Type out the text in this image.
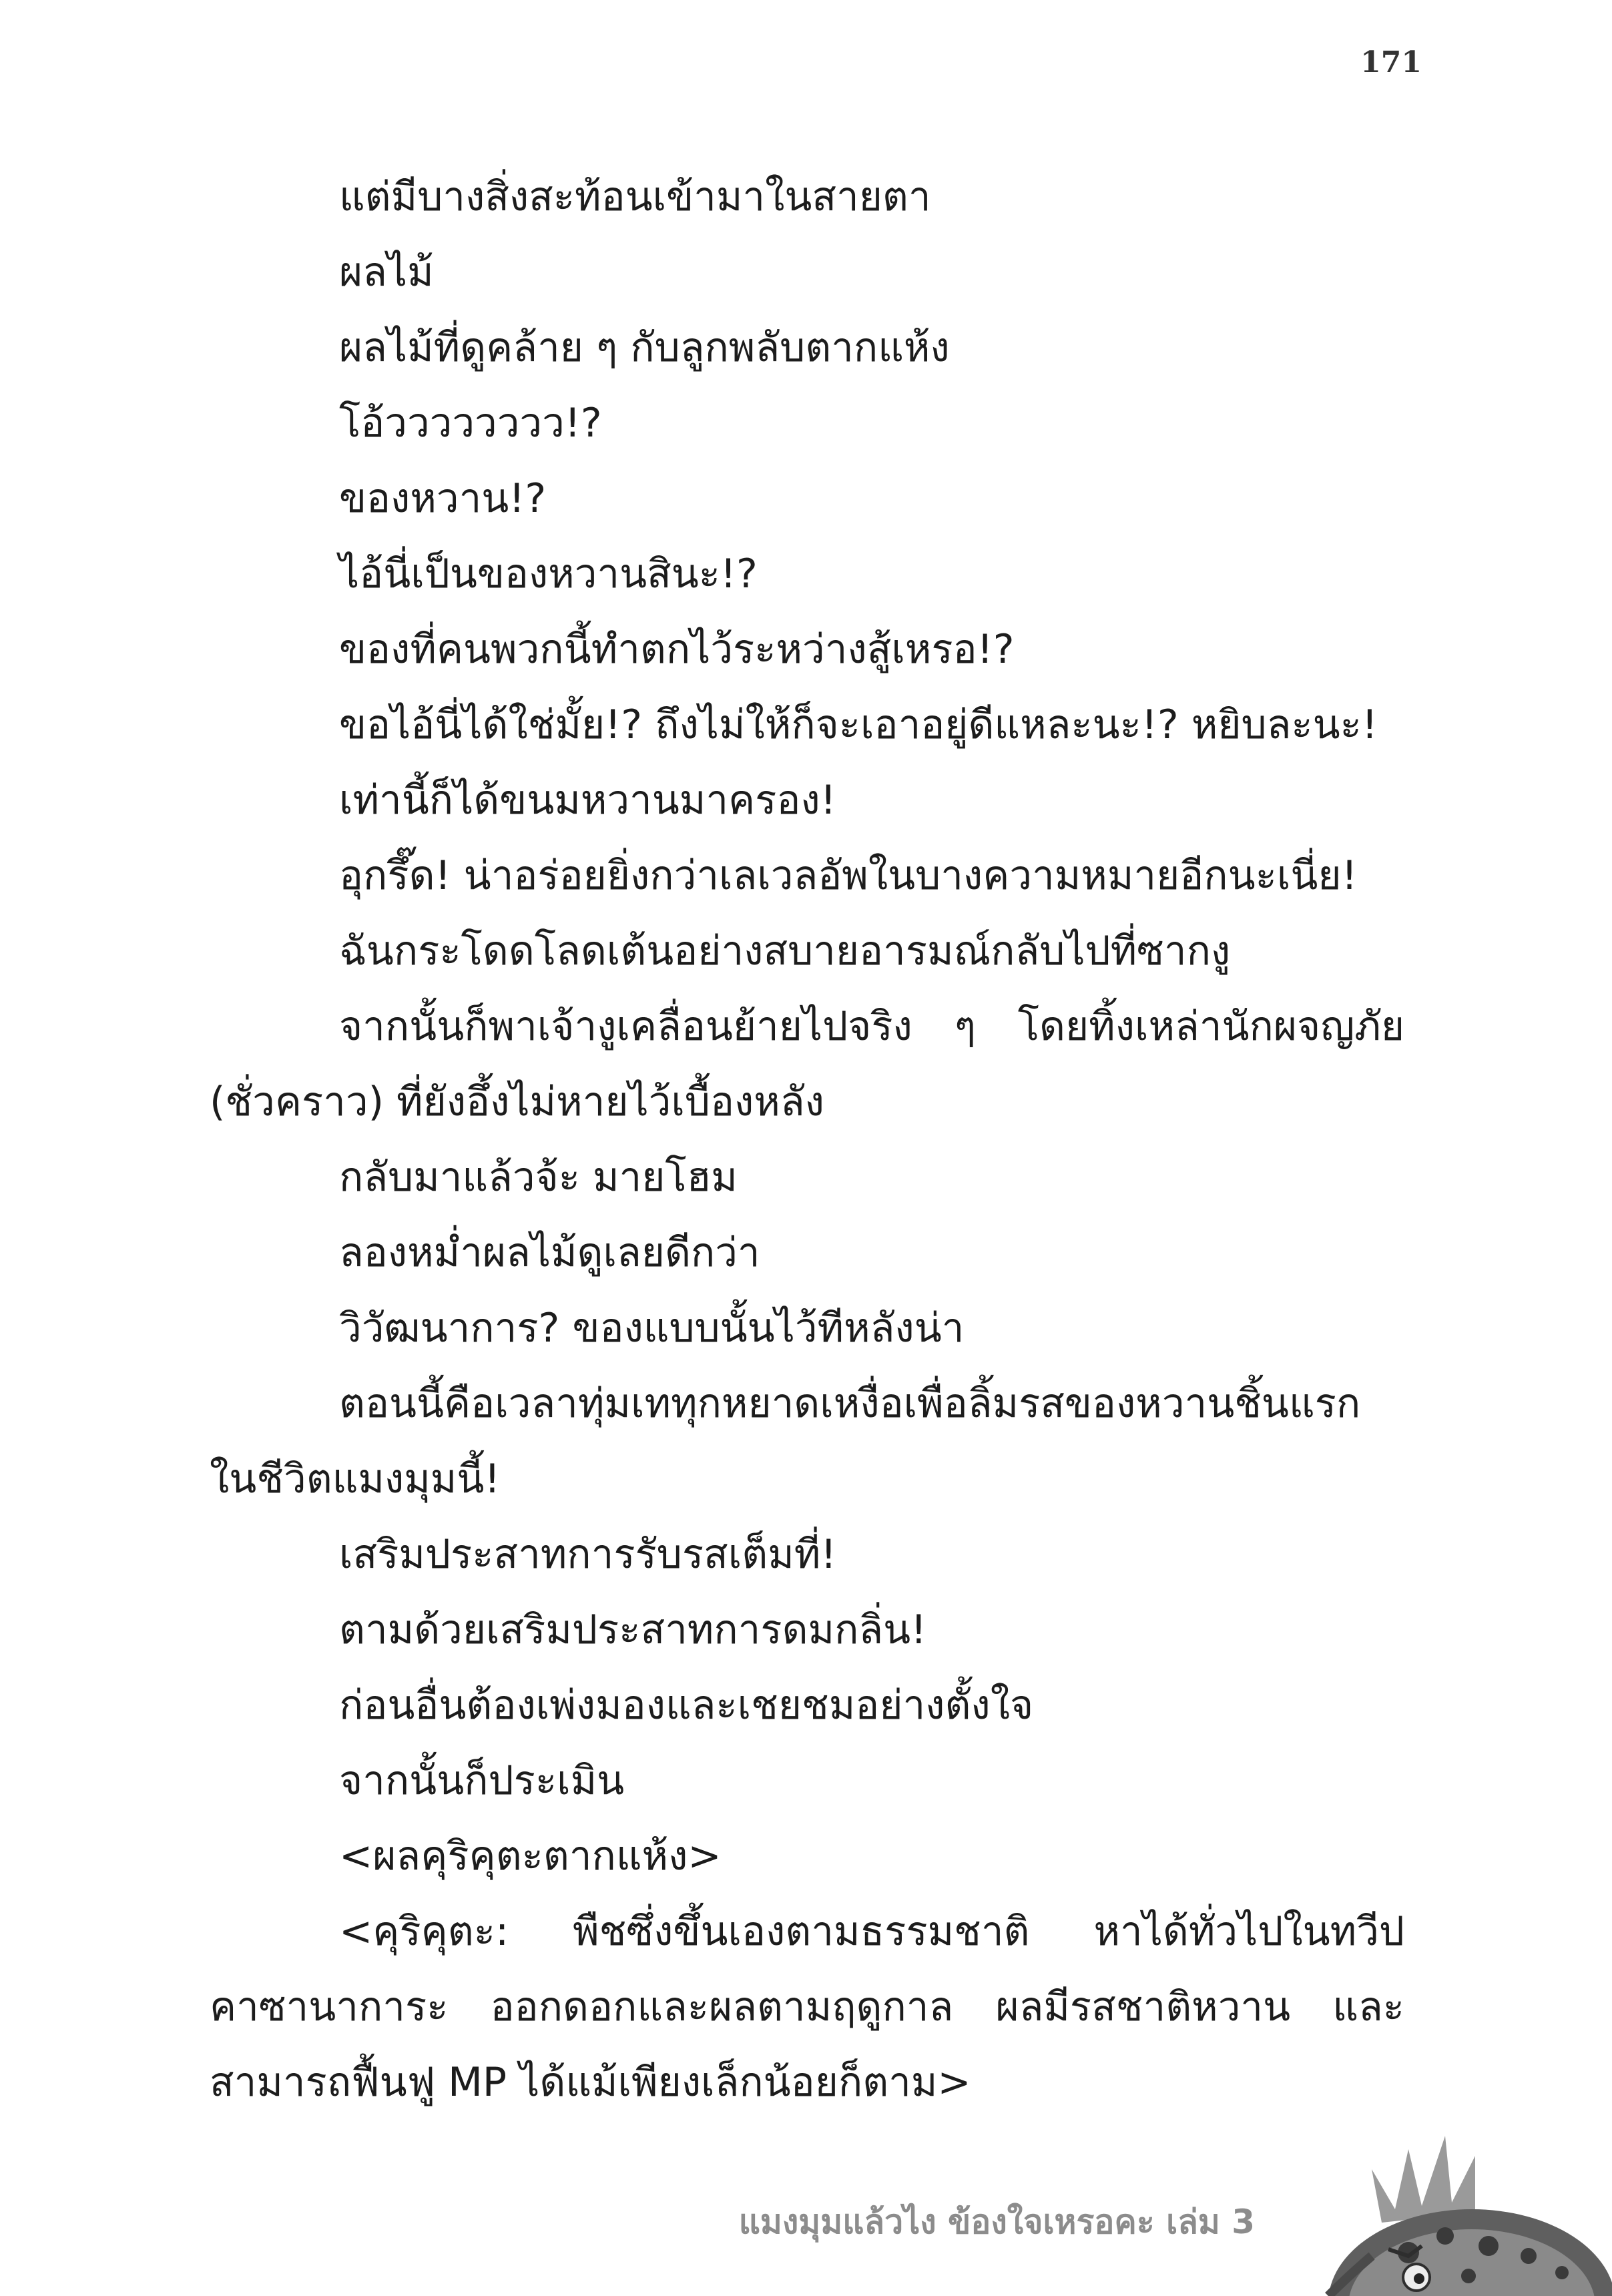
171
แต่มีบางสิ่งสะท้อนเข้ามาในสายตา
ผลไม้
ผลไม้ที่ดูคล้าย ๆ กับลูกพลับตากแห้ง
โอ้วววววววว!?
ของหวาน!?
ไอ้นี่เป็นของหวานสินะ!?
ของที่คนพวกนี้ทำตกไว้ระหว่างสู้เหรอ!?
ขอไอ้นี่ได้ใช่มั้ย!? ถึงไม่ให้ก็จะเอาอยู่ดีแหละนะ!? หยิบละนะ!
เท่านี้ก็ได้ขนมหวานมาครอง!
อุกรึ๊ด! น่าอร่อยยิ่งกว่าเลเวลอัพในบางความหมายอีกนะเนี่ย!
ฉันกระโดดโลดเต้นอย่างสบายอารมณ์กลับไปที่ซากงู
จากนั้นก็พาเจ้างูเคลื่อนย้ายไปจริง ๆ โดยทิ้งเหล่านักผจญภัย
(ชั่วคราว) ที่ยังอึ้งไม่หายไว้เบื้องหลัง
กลับมาแล้วจ้ะ มายโฮม
ลองหม่ำผลไม้ดูเลยดีกว่า
วิวัฒนาการ? ของแบบนั้นไว้ทีหลังน่า
ตอนนี้คือเวลาทุ่มเททุกหยาดเหงื่อเพื่อลิ้มรสของหวานชิ้นแรก
ในชีวิตแมงมุมนี้!
เสริมประสาทการรับรสเต็มที่!
ตามด้วยเสริมประสาทการดมกลิ่น!
ก่อนอื่นต้องเพ่งมองและเชยชมอย่างตั้งใจ
จากนั้นก็ประเมิน
<ผลคุริคุตะตากแห้ง>
<คุริคุตะ: พืชซึ่งขึ้นเองตามธรรมชาติ หาได้ทั่วไปในทวีป
คาซานาการะ ออกดอกและผลตามฤดูกาล ผลมีรสชาติหวาน และ
สามารถฟื้นฟู MP ได้แม้เพียงเล็กน้อยก็ตาม>
แมงมุมแล้วไง ข้องใจเหรอคะ เล่ม 3
